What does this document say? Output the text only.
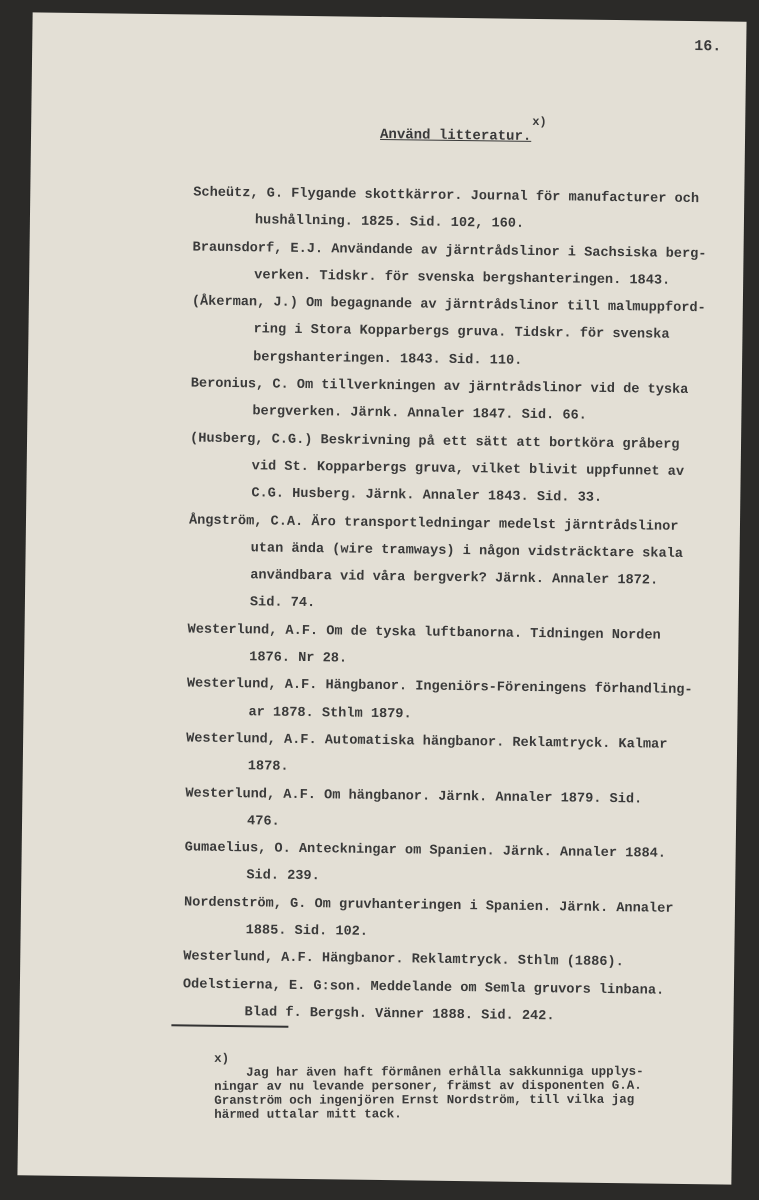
16.
Använd litteratur.
x)
Scheütz, G. Flygande skottkärror. Journal för manufacturer och
hushållning. 1825. Sid. 102, 160.
Braunsdorf, E.J. Användande av järntrådslinor i Sachsiska berg-
verken. Tidskr. för svenska bergshanteringen. 1843.
(Åkerman, J.) Om begagnande av järntrådslinor till malmuppford-
ring i Stora Kopparbergs gruva. Tidskr. för svenska
bergshanteringen. 1843. Sid. 110.
Beronius, C. Om tillverkningen av järntrådslinor vid de tyska
bergverken. Järnk. Annaler 1847. Sid. 66.
(Husberg, C.G.) Beskrivning på ett sätt att bortköra gråberg
vid St. Kopparbergs gruva, vilket blivit uppfunnet av
C.G. Husberg. Järnk. Annaler 1843. Sid. 33.
Ångström, C.A. Äro transportledningar medelst järntrådslinor
utan ända (wire tramways) i någon vidsträcktare skala
användbara vid våra bergverk? Järnk. Annaler 1872.
Sid. 74.
Westerlund, A.F. Om de tyska luftbanorna. Tidningen Norden
1876. Nr 28.
Westerlund, A.F. Hängbanor. Ingeniörs-Föreningens förhandling-
ar 1878. Sthlm 1879.
Westerlund, A.F. Automatiska hängbanor. Reklamtryck. Kalmar
1878.
Westerlund, A.F. Om hängbanor. Järnk. Annaler 1879. Sid.
476.
Gumaelius, O. Anteckningar om Spanien. Järnk. Annaler 1884.
Sid. 239.
Nordenström, G. Om gruvhanteringen i Spanien. Järnk. Annaler
1885. Sid. 102.
Westerlund, A.F. Hängbanor. Reklamtryck. Sthlm (1886).
Odelstierna, E. G:son. Meddelande om Semla gruvors linbana.
Blad f. Bergsh. Vänner 1888. Sid. 242.
x)
Jag har även haft förmånen erhålla sakkunniga upplys-
ningar av nu levande personer, främst av disponenten G.A.
Granström och ingenjören Ernst Nordström, till vilka jag
härmed uttalar mitt tack.
